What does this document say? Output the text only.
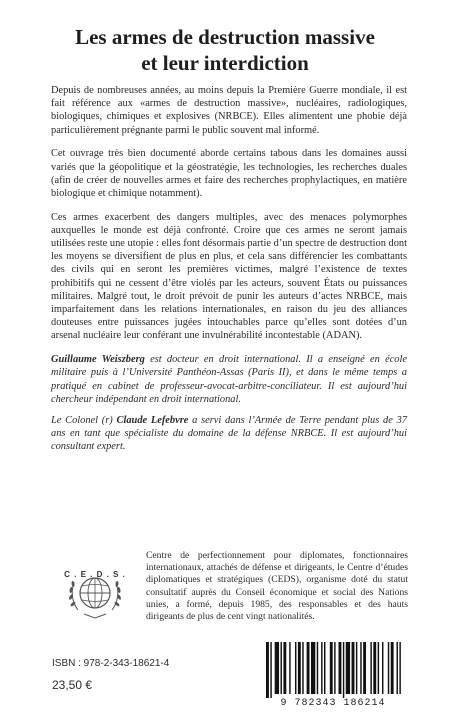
Les armes de destruction massive
et leur interdiction

Depuis de nombreuses années, au moins depuis la Première Guerre mondiale, il est fait référence aux «armes de destruction massive», nucléaires, radiologiques, biologiques, chimiques et explosives (NRBCE). Elles alimentent une phobie déjà particulièrement prégnante parmi le public souvent mal informé.

Cet ouvrage très bien documenté aborde certains tabous dans les domaines aussi variés que la géopolitique et la géostratégie, les technologies, les recherches duales (afin de créer de nouvelles armes et faire des recherches prophylactiques, en matière biologique et chimique notamment).

Ces armes exacerbent des dangers multiples, avec des menaces polymorphes auxquelles le monde est déjà confronté. Croire que ces armes ne seront jamais utilisées reste une utopie : elles font désormais partie d’un spectre de destruction dont les moyens se diversifient de plus en plus, et cela sans différencier les combattants des civils qui en seront les premières victimes, malgré l’existence de textes prohibitifs qui ne cessent d’être violés par les acteurs, souvent États ou puissances militaires. Malgré tout, le droit prévoit de punir les auteurs d’actes NRBCE, mais imparfaitement dans les relations internationales, en raison du jeu des alliances douteuses entre puissances jugées intouchables parce qu’elles sont dotées d’un arsenal nucléaire leur conférant une invulnérabilité incontestable (ADAN).

Guillaume Weiszberg est docteur en droit international. Il a enseigné en école militaire puis à l’Université Panthéon-Assas (Paris II), et dans le même temps a pratiqué en cabinet de professeur-avocat-arbitre-conciliateur. Il est aujourd’hui chercheur indépendant en droit international.

Le Colonel (r) Claude Lefebvre a servi dans l’Armée de Terre pendant plus de 37 ans en tant que spécialiste du domaine de la défense NRBCE. Il est aujourd’hui consultant expert.

C . E . D . S .
Centre de perfectionnement pour diplomates, fonctionnaires internationaux, attachés de défense et dirigeants, le Centre d’études diplomatiques et stratégiques (CEDS), organisme doté du statut consultatif auprès du Conseil économique et social des Nations unies, a formé, depuis 1985, des responsables et des hauts dirigeants de plus de cent vingt nationalités.
ISBN : 978-2-343-18621-4
23,50 €
9 782343 186214
